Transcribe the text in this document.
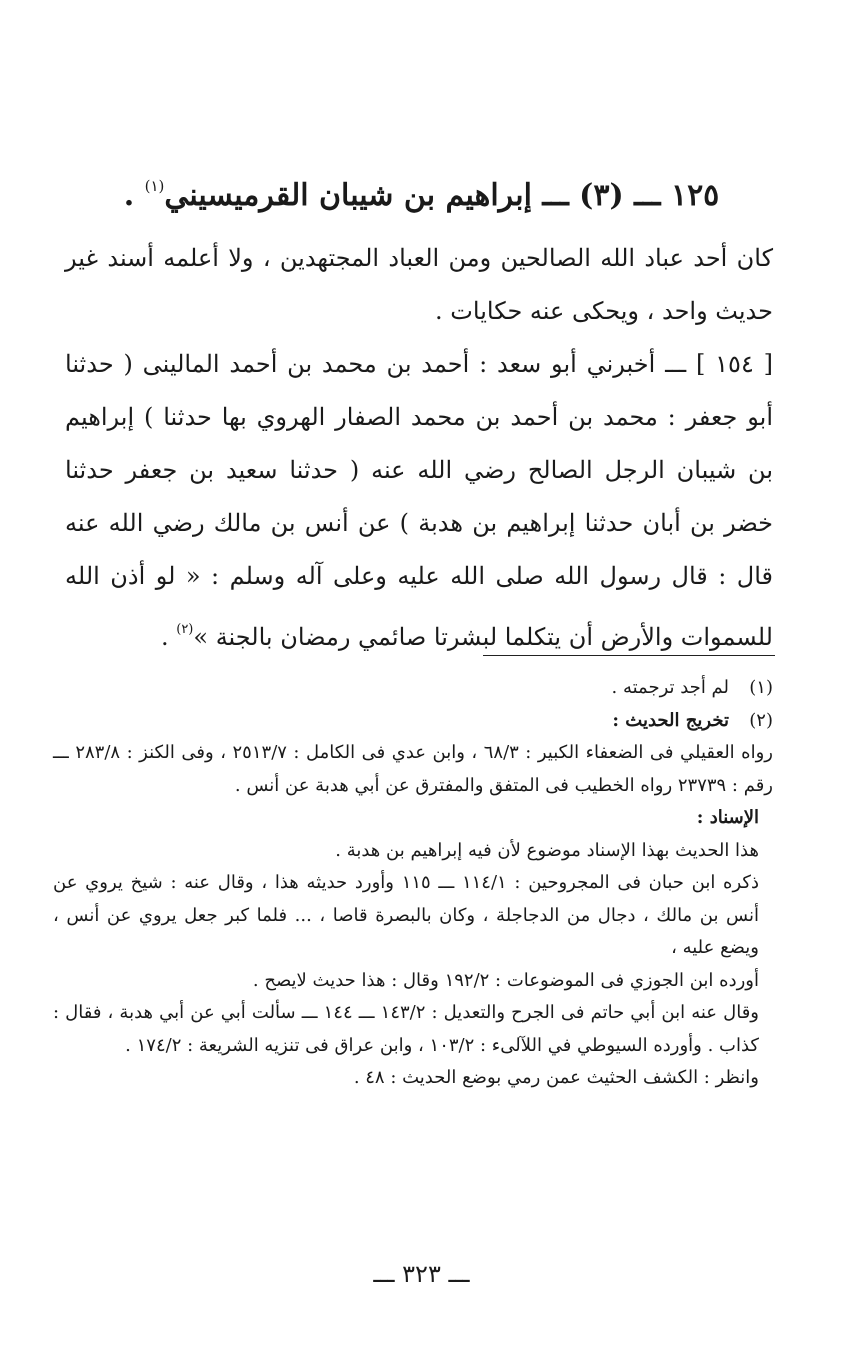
١٢٥ ـــ (٣) ـــ إبراهيم بن شيبان القرميسيني$^{(١)}$ .

كان أحد عباد الله الصالحين ومن العباد المجتهدين ، ولا أعلمه أسند غير حديث واحد ، ويحكى عنه حكايات .

[ ١٥٤ ] ـــ أخبرني أبو سعد : أحمد بن محمد بن أحمد المالينى ( حدثنا أبو جعفر : محمد بن أحمد بن محمد الصفار الهروي بها حدثنا ) إبراهيم بن شيبان الرجل الصالح رضي الله عنه ( حدثنا سعيد بن جعفر حدثنا خضر بن أبان حدثنا إبراهيم بن هدبة ) عن أنس بن مالك رضي الله عنه قال : قال رسول الله صلى الله عليه وعلى آله وسلم : « لو أذن الله للسموات والأرض أن يتكلما لبشرتا صائمي رمضان بالجنة »$^{(٢)}$ .

(١)
لم أجد ترجمته .
(٢)
تخريج الحديث :

رواه العقيلي فى الضعفاء الكبير : ٦٨/٣ ، وابن عدي فى الكامل : ٢٥١٣/٧ ، وفى الكنز : ٢٨٣/٨ ـــ رقم : ٢٣٧٣٩ رواه الخطيب فى المتفق والمفترق عن أبي هدبة عن أنس .

الإسناد :

هذا الحديث بهذا الإسناد موضوع لأن فيه إبراهيم بن هدبة .

ذكره ابن حبان فى المجروحين : ١١٤/١ ـــ ١١٥ وأورد حديثه هذا ، وقال عنه : شيخ يروي عن أنس بن مالك ، دجال من الدجاجلة ، وكان بالبصرة قاصا ، ... فلما كبر جعل يروي عن أنس ، ويضع عليه ،

أورده ابن الجوزي فى الموضوعات : ١٩٢/٢ وقال : هذا حديث لايصح .

وقال عنه ابن أبي حاتم فى الجرح والتعديل : ١٤٣/٢ ـــ ١٤٤ ـــ سألت أبي عن أبي هدبة ، فقال : كذاب . وأورده السيوطي في اللآلىء : ١٠٣/٢ ، وابن عراق فى تنزيه الشريعة : ١٧٤/٢ .

وانظر : الكشف الحثيث عمن رمي بوضع الحديث : ٤٨ .

ـــ ٣٢٣ ـــ
